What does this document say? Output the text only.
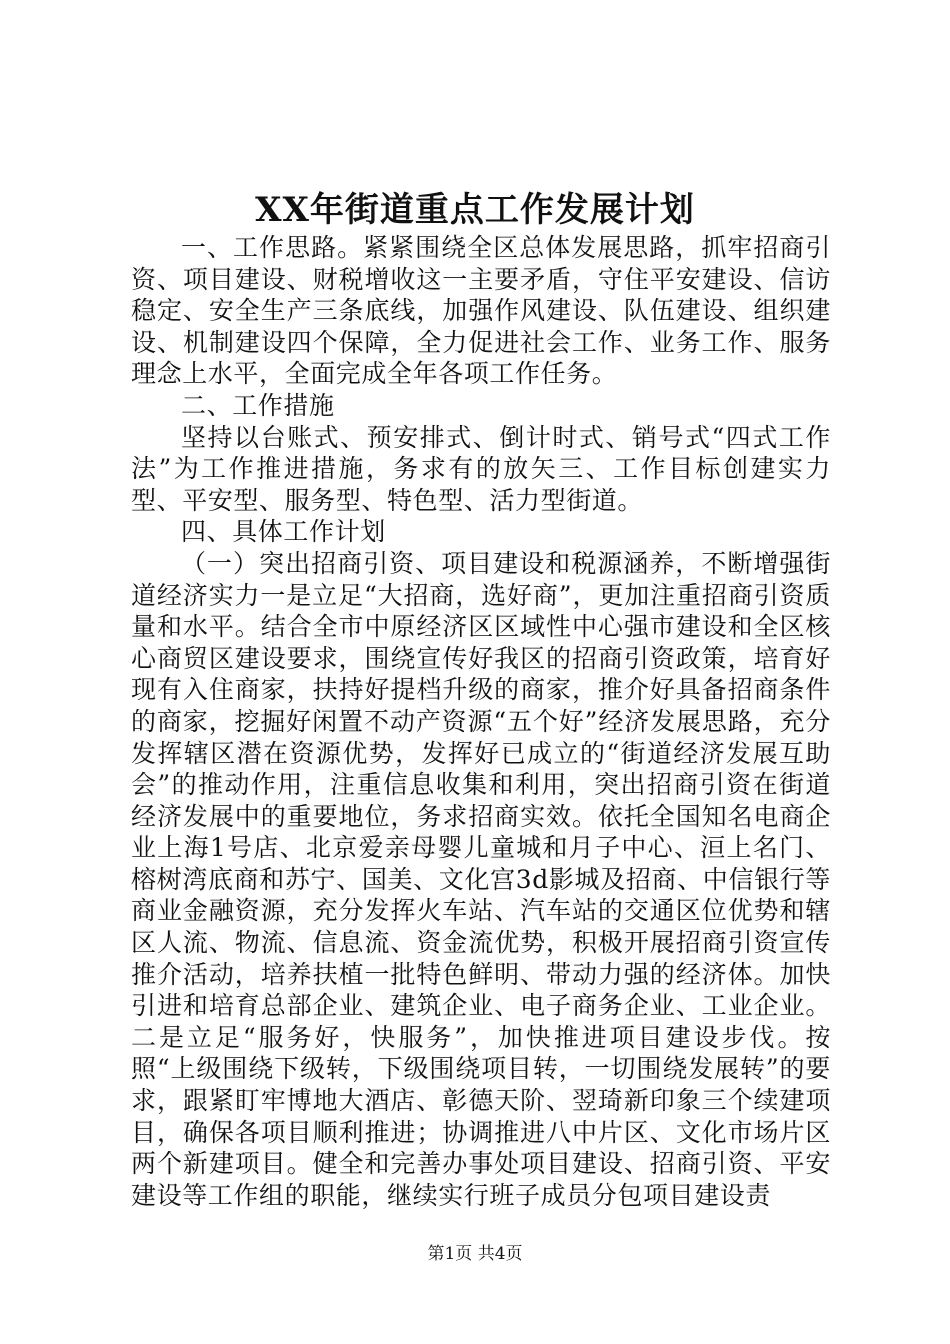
XX年街道重点工作发展计划

一、工作思路。紧紧围绕全区总体发展思路，抓牢招商引资、项目建设、财税增收这一主要矛盾，守住平安建设、信访稳定、安全生产三条底线，加强作风建设、队伍建设、组织建设、机制建设四个保障，全力促进社会工作、业务工作、服务理念上水平，全面完成全年各项工作任务。

二、工作措施

坚持以台账式、预安排式、倒计时式、销号式“四式工作法”为工作推进措施，务求有的放矢三、工作目标创建实力型、平安型、服务型、特色型、活力型街道。

四、具体工作计划

（一）突出招商引资、项目建设和税源涵养，不断增强街道经济实力一是立足“大招商，选好商”，更加注重招商引资质量和水平。结合全市中原经济区区域性中心强市建设和全区核心商贸区建设要求，围绕宣传好我区的招商引资政策，培育好现有入住商家，扶持好提档升级的商家，推介好具备招商条件的商家，挖掘好闲置不动产资源“五个好”经济发展思路，充分发挥辖区潜在资源优势，发挥好已成立的“街道经济发展互助会”的推动作用，注重信息收集和利用，突出招商引资在街道经济发展中的重要地位，务求招商实效。依托全国知名电商企业上海1号店、北京爱亲母婴儿童城和月子中心、洹上名门、榕树湾底商和苏宁、国美、文化宫3d影城及招商、中信银行等商业金融资源，充分发挥火车站、汽车站的交通区位优势和辖区人流、物流、信息流、资金流优势，积极开展招商引资宣传推介活动，培养扶植一批特色鲜明、带动力强的经济体。加快引进和培育总部企业、建筑企业、电子商务企业、工业企业。二是立足“服务好，快服务”，加快推进项目建设步伐。按照“上级围绕下级转，下级围绕项目转，一切围绕发展转”的要求，跟紧盯牢博地大酒店、彰德天阶、翌琦新印象三个续建项目，确保各项目顺利推进；协调推进八中片区、文化市场片区两个新建项目。健全和完善办事处项目建设、招商引资、平安建设等工作组的职能，继续实行班子成员分包项目建设责

第1页 共4页
